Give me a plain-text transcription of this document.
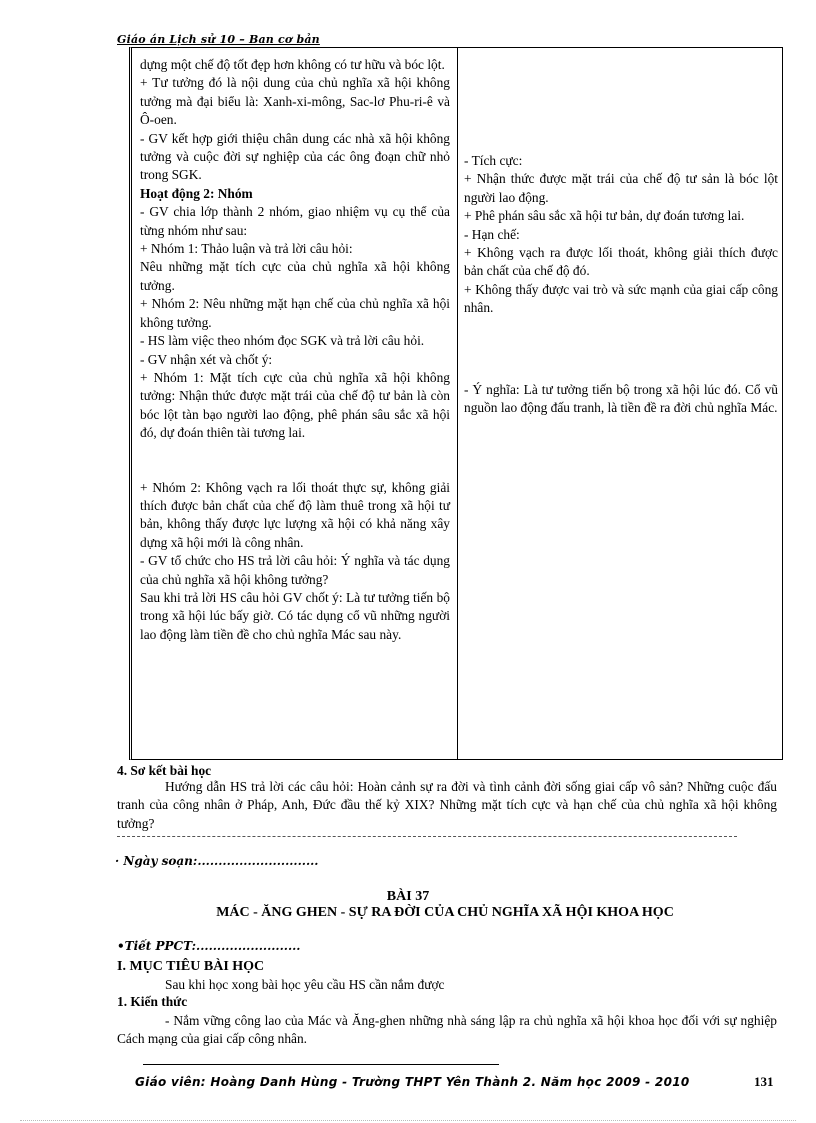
Giáo án Lịch sử 10 – Ban cơ bản

dựng một chế độ tốt đẹp hơn không có tư hữu và bóc lột.

+ Tư tưởng đó là nội dung của chủ nghĩa xã hội không tưởng mà đại biểu là: Xanh-xi-mông, Sac-lơ Phu-ri-ê và Ô-oen.

- GV kết hợp giới thiệu chân dung các nhà xã hội không tưởng và cuộc đời sự nghiệp của các ông đoạn chữ nhỏ trong SGK.

Hoạt động 2: Nhóm

- GV chia lớp thành 2 nhóm, giao nhiệm vụ cụ thể của từng nhóm như sau:

+ Nhóm 1: Thảo luận và trả lời câu hỏi:

Nêu những mặt tích cực của chủ nghĩa xã hội không tưởng.

+ Nhóm 2: Nêu những mặt hạn chế của chủ nghĩa xã hội không tưởng.

- HS làm việc theo nhóm đọc SGK và trả lời câu hỏi.

- GV nhận xét và chốt ý:

+ Nhóm 1: Mặt tích cực của chủ nghĩa xã hội không tưởng: Nhận thức được mặt trái của chế độ tư bản là còn bóc lột tàn bạo người lao động, phê phán sâu sắc xã hội đó, dự đoán thiên tài tương lai.

+ Nhóm 2: Không vạch ra lối thoát thực sự, không giải thích được bản chất của chế độ làm thuê trong xã hội tư bản, không thấy được lực lượng xã hội có khả năng xây dựng xã hội mới là công nhân.

- GV tổ chức cho HS trả lời câu hỏi: Ý nghĩa và tác dụng của chủ nghĩa xã hội không tưởng?

Sau khi trả lời HS câu hỏi GV chốt ý: Là tư tưởng tiến bộ trong xã hội lúc bấy giờ. Có tác dụng cổ vũ những người lao động làm tiền đề cho chủ nghĩa Mác sau này.

- Tích cực:

+ Nhận thức được mặt trái của chế độ tư sản là bóc lột người lao động.

+ Phê phán sâu sắc xã hội tư bản, dự đoán tương lai.

- Hạn chế:

+ Không vạch ra được lối thoát, không giải thích được bản chất của chế độ đó.

+ Không thấy được vai trò và sức mạnh của giai cấp công nhân.

- Ý nghĩa: Là tư tưởng tiến bộ trong xã hội lúc đó. Cổ vũ nguồn lao động đấu tranh, là tiền đề ra đời chủ nghĩa Mác.

4. Sơ kết bài học
Hướng dẫn HS trả lời các câu hỏi: Hoàn cảnh sự ra đời và tình cảnh đời sống giai cấp vô sản? Những cuộc đấu tranh của công nhân ở Pháp, Anh, Đức đầu thế kỷ XIX? Những mặt tích cực và hạn chế của chủ nghĩa xã hội không tưởng?
· Ngày soạn:.............................
BÀI 37
MÁC - ĂNG GHEN - SỰ RA ĐỜI CỦA CHỦ NGHĨA XÃ HỘI KHOA HỌC
•Tiết PPCT:.........................
I. MỤC TIÊU BÀI HỌC
Sau khi học xong bài học yêu cầu HS cần nắm được
1. Kiến thức
- Nắm vững công lao của Mác và Ăng-ghen những nhà sáng lập ra chủ nghĩa xã hội khoa học đối với sự nghiệp Cách mạng của giai cấp công nhân.
Giáo viên: Hoàng Danh Hùng - Trường THPT Yên Thành 2. Năm học 2009 - 2010	131
